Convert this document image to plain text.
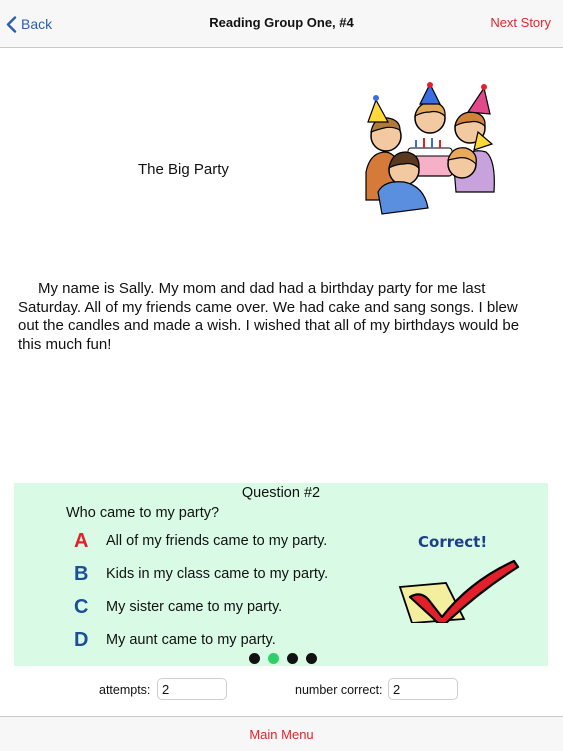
Back	Reading Group One, #4	Next Story
The Big Party
My name is Sally. My mom and dad had a birthday party for me last Saturday. All of my friends came over. We had cake and sang songs. I blew out the candles and made a wish. I wished that all of my birthdays would be this much fun!
Question #2
Who came to my party?
A	All of my friends came to my party.
B	Kids in my class came to my party.
C	My sister came to my party.
D	My aunt came to my party.
Correct!
attempts:
2	number correct:
2
Main Menu
